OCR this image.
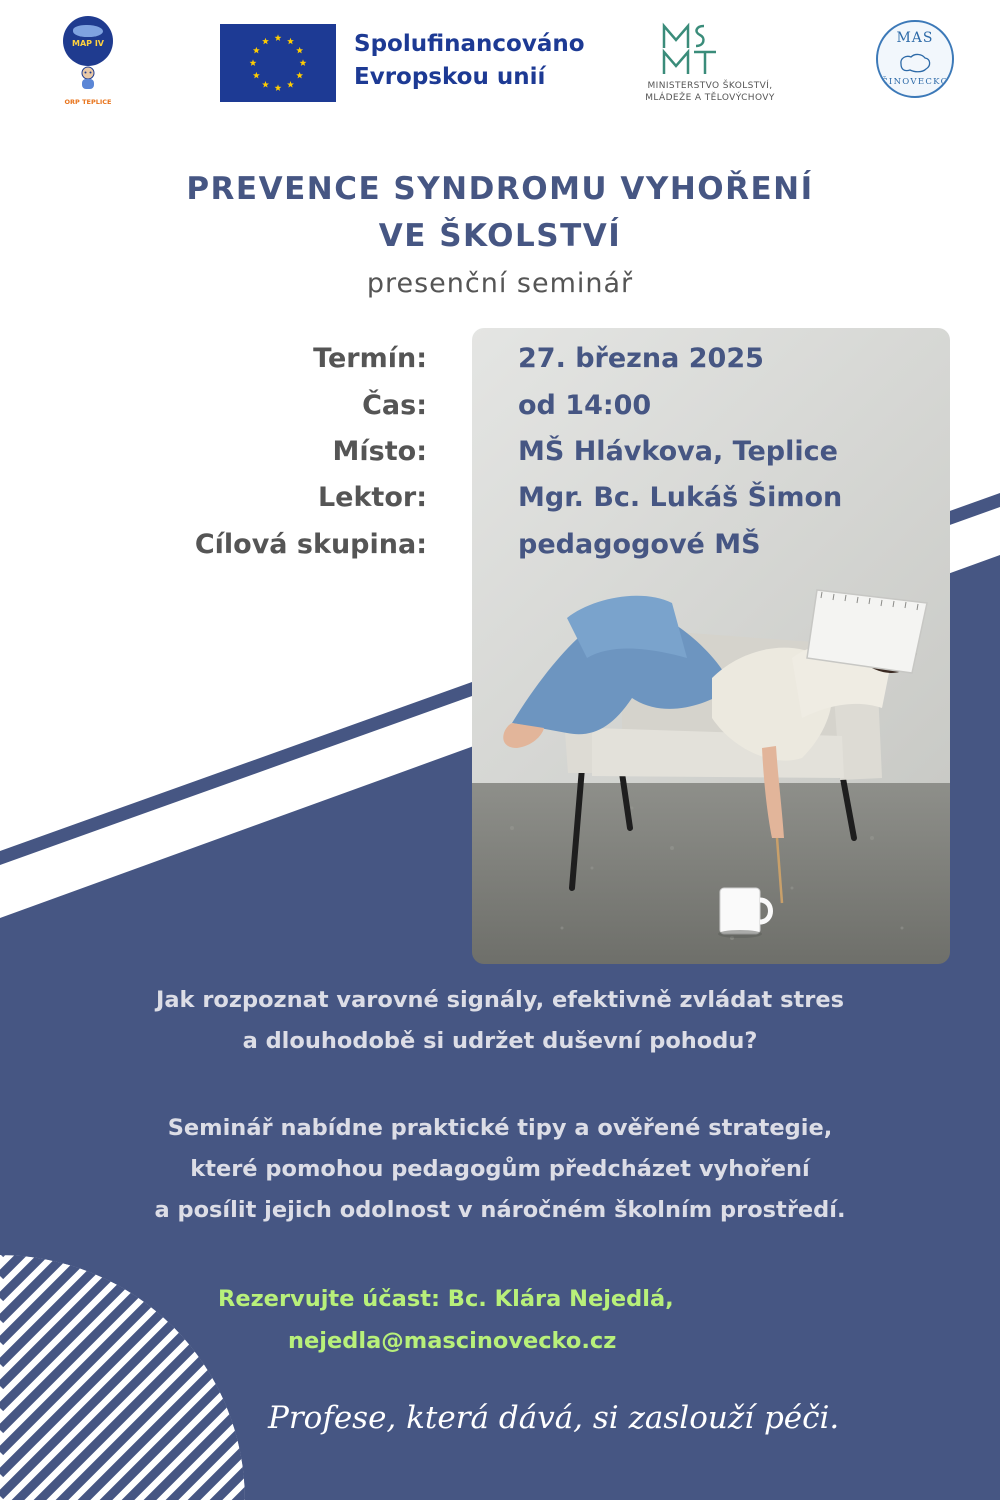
MAP IV
ORP TEPLICE
Spolufinancováno
Evropskou unií	MINISTERSTVO ŠKOLSTVÍ,
MLÁDEŽE A TĚLOVÝCHOVY
MAS
ČINOVECKO
PREVENCE SYNDROMU VYHOŘENÍ
VE ŠKOLSTVÍ
presenční seminář
Termín:	27. března 2025
Čas:	od 14:00
Místo:	MŠ Hlávkova, Teplice
Lektor:	Mgr. Bc. Lukáš Šimon
Cílová skupina:	pedagogové MŠ
Jak rozpoznat varovné signály, efektivně zvládat stres
a dlouhodobě si udržet duševní pohodu?
Seminář nabídne praktické tipy a ověřené strategie,
které pomohou pedagogům předcházet vyhoření
a posílit jejich odolnost v náročném školním prostředí.
Rezervujte účast: Bc. Klára Nejedlá,
nejedla@mascinovecko.cz
Profese, která dává, si zaslouží péči.
